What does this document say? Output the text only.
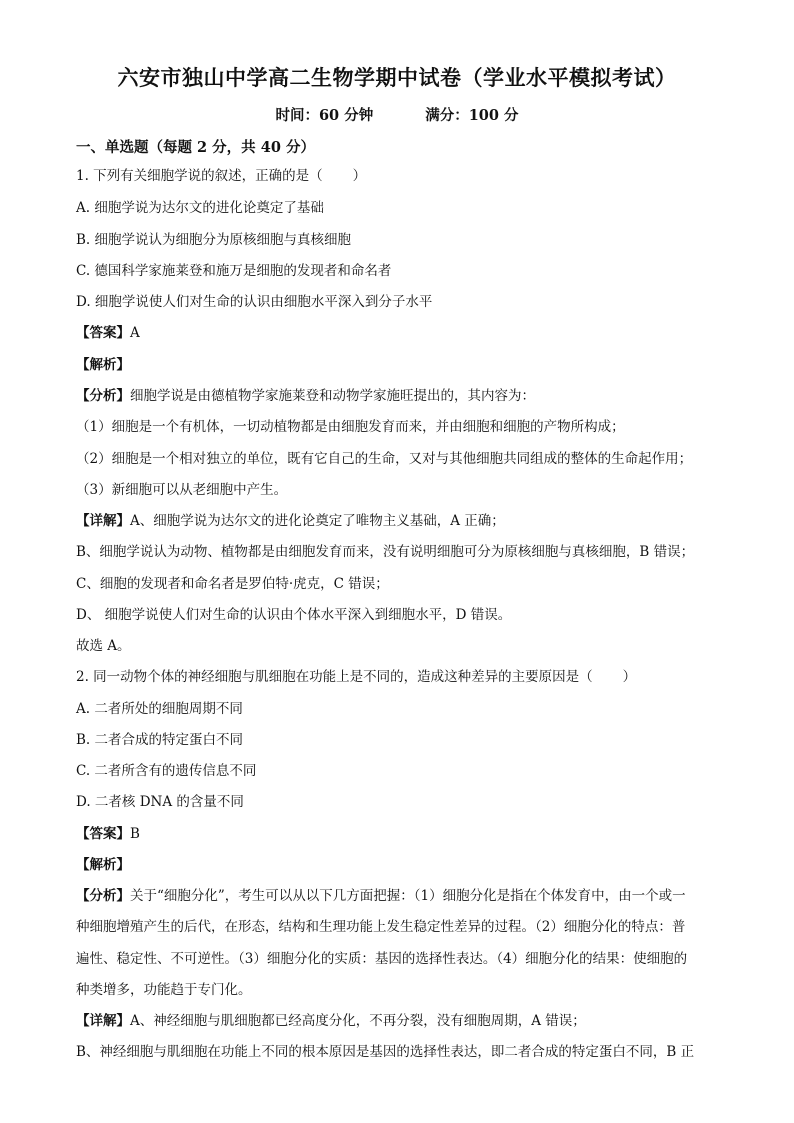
六安市独山中学高二生物学期中试卷（学业水平模拟考试）
时间：60 分钟	满分：100 分
一、单选题（每题 2 分，共 40 分）
1. 下列有关细胞学说的叙述，正确的是（ ）
A. 细胞学说为达尔文的进化论奠定了基础
B. 细胞学说认为细胞分为原核细胞与真核细胞
C. 德国科学家施莱登和施万是细胞的发现者和命名者
D. 细胞学说使人们对生命的认识由细胞水平深入到分子水平
【答案】A
【解析】
【分析】细胞学说是由德植物学家施莱登和动物学家施旺提出的，其内容为：
（1）细胞是一个有机体，一切动植物都是由细胞发育而来，并由细胞和细胞的产物所构成；
（2）细胞是一个相对独立的单位，既有它自己的生命，又对与其他细胞共同组成的整体的生命起作用；
（3）新细胞可以从老细胞中产生。
【详解】A、细胞学说为达尔文的进化论奠定了唯物主义基础，A 正确；
B、细胞学说认为动物、植物都是由细胞发育而来，没有说明细胞可分为原核细胞与真核细胞，B 错误；
C、细胞的发现者和命名者是罗伯特·虎克，C 错误；
D、 细胞学说使人们对生命的认识由个体水平深入到细胞水平，D 错误。
故选 A。
2. 同一动物个体的神经细胞与肌细胞在功能上是不同的，造成这种差异的主要原因是（ ）
A. 二者所处的细胞周期不同
B. 二者合成的特定蛋白不同
C. 二者所含有的遗传信息不同
D. 二者核 DNA 的含量不同
【答案】B
【解析】
【分析】关于“细胞分化”，考生可以从以下几方面把握：（1）细胞分化是指在个体发育中，由一个或一
种细胞增殖产生的后代，在形态，结构和生理功能上发生稳定性差异的过程。（2）细胞分化的特点：普
遍性、稳定性、不可逆性。（3）细胞分化的实质：基因的选择性表达。（4）细胞分化的结果：使细胞的
种类增多，功能趋于专门化。
【详解】A、神经细胞与肌细胞都已经高度分化，不再分裂，没有细胞周期，A 错误；
B、神经细胞与肌细胞在功能上不同的根本原因是基因的选择性表达，即二者合成的特定蛋白不同，B 正
